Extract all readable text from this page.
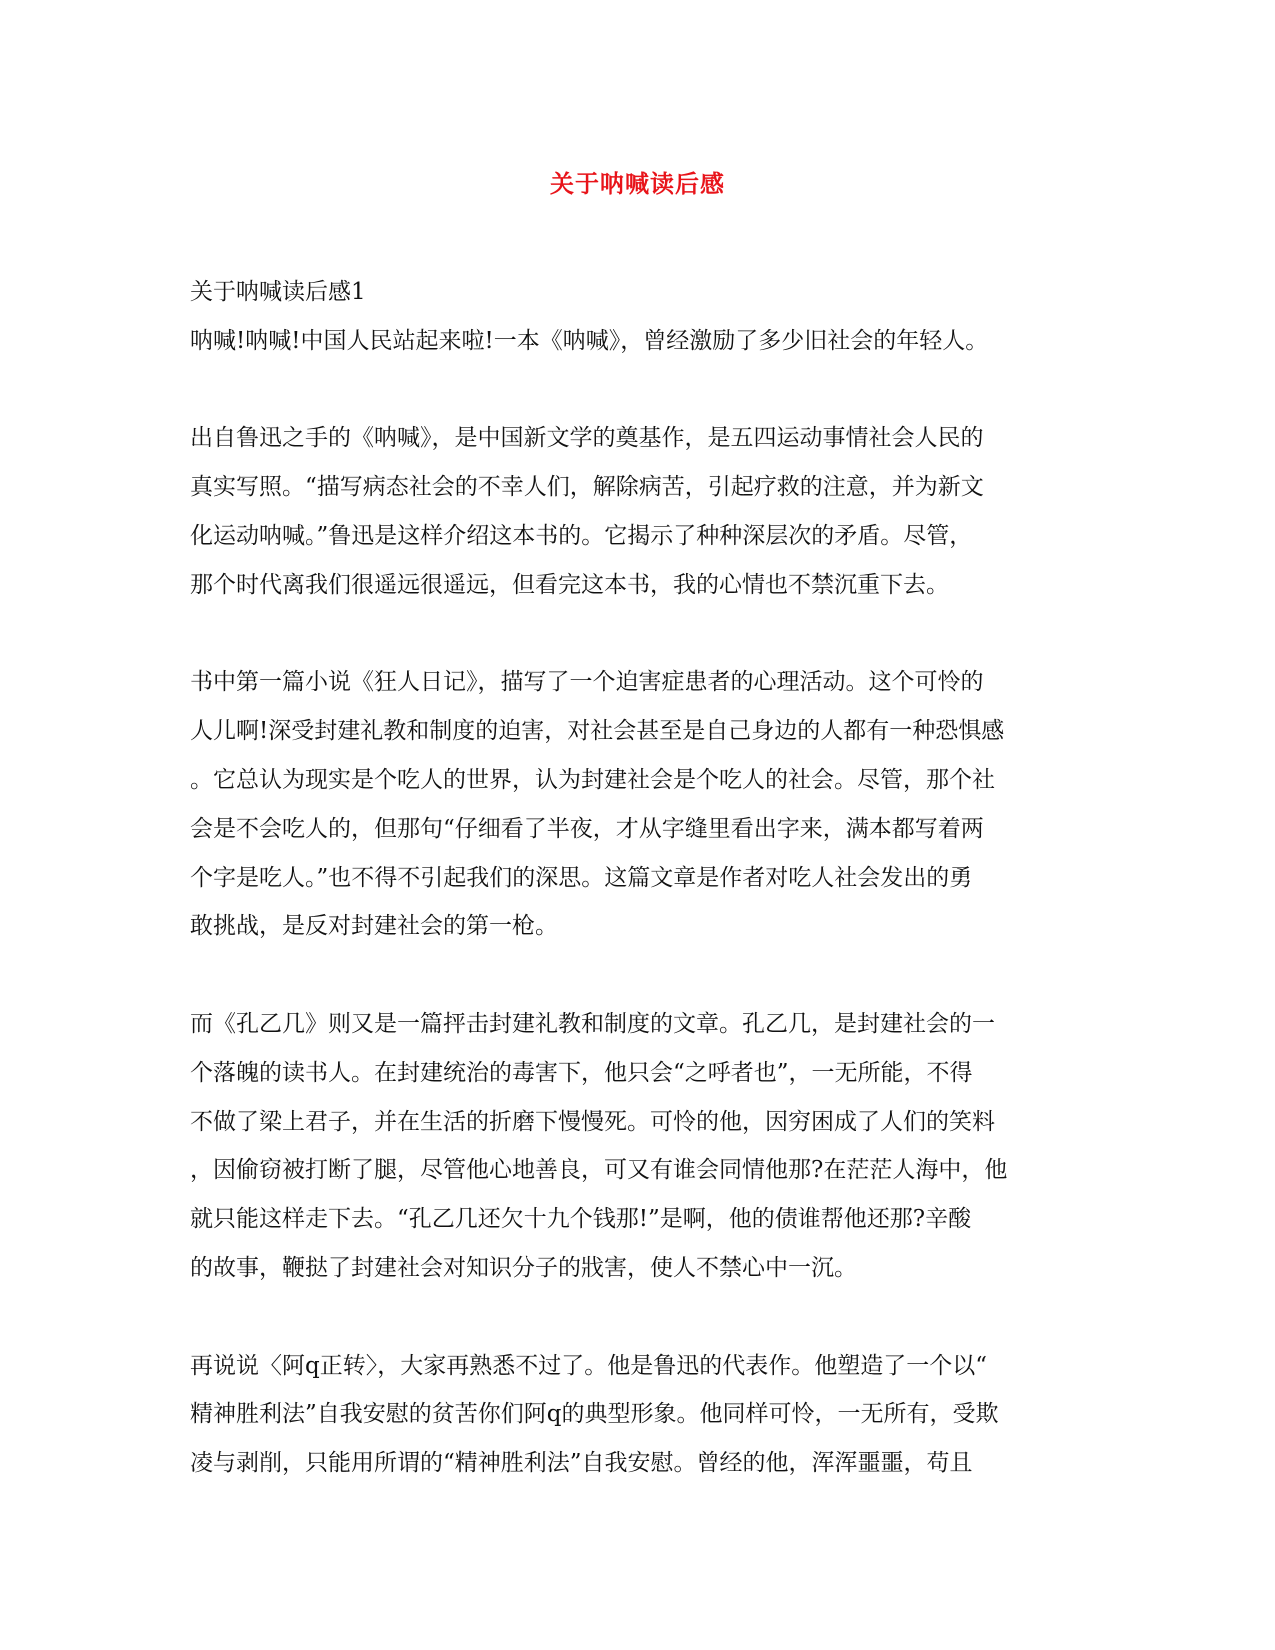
关于呐喊读后感
关于呐喊读后感1
呐喊!呐喊!中国人民站起来啦!一本《呐喊》，曾经激励了多少旧社会的年轻人。
出自鲁迅之手的《呐喊》，是中国新文学的奠基作，是五四运动事情社会人民的
真实写照。“描写病态社会的不幸人们，解除病苦，引起疗救的注意，并为新文
化运动呐喊。”鲁迅是这样介绍这本书的。它揭示了种种深层次的矛盾。尽管，
那个时代离我们很遥远很遥远，但看完这本书，我的心情也不禁沉重下去。
书中第一篇小说《狂人日记》，描写了一个迫害症患者的心理活动。这个可怜的
人儿啊!深受封建礼教和制度的迫害，对社会甚至是自己身边的人都有一种恐惧感
。它总认为现实是个吃人的世界，认为封建社会是个吃人的社会。尽管，那个社
会是不会吃人的，但那句“仔细看了半夜，才从字缝里看出字来，满本都写着两
个字是吃人。”也不得不引起我们的深思。这篇文章是作者对吃人社会发出的勇
敢挑战，是反对封建社会的第一枪。
而《孔乙几》则又是一篇抨击封建礼教和制度的文章。孔乙几，是封建社会的一
个落魄的读书人。在封建统治的毒害下，他只会“之呼者也”，一无所能，不得
不做了梁上君子，并在生活的折磨下慢慢死。可怜的他，因穷困成了人们的笑料
，因偷窃被打断了腿，尽管他心地善良，可又有谁会同情他那?在茫茫人海中，他
就只能这样走下去。“孔乙几还欠十九个钱那!”是啊，他的债谁帮他还那?辛酸
的故事，鞭挞了封建社会对知识分子的戕害，使人不禁心中一沉。
再说说〈阿q正转〉，大家再熟悉不过了。他是鲁迅的代表作。他塑造了一个以“
精神胜利法”自我安慰的贫苦你们阿q的典型形象。他同样可怜，一无所有，受欺
凌与剥削，只能用所谓的“精神胜利法”自我安慰。曾经的他，浑浑噩噩，苟且
